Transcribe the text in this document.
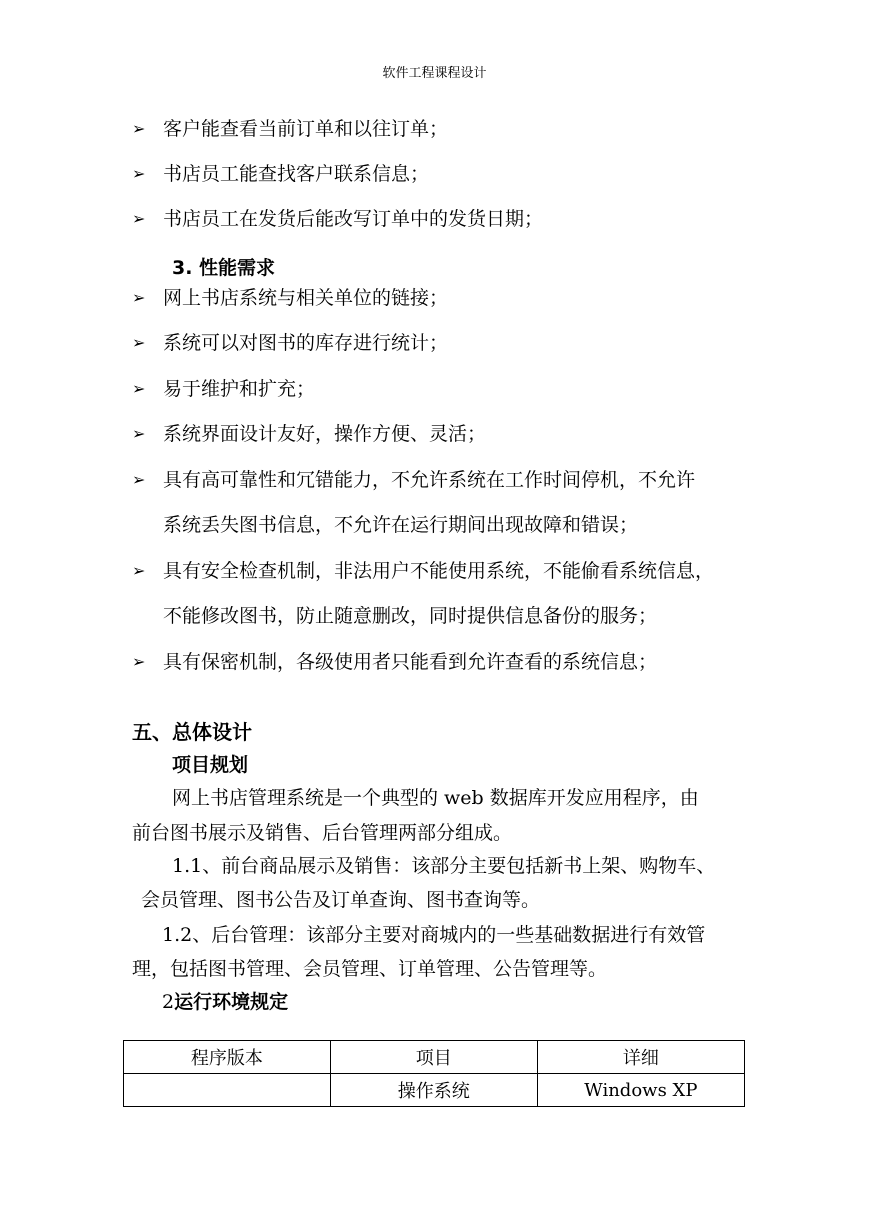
软件工程课程设计
➢ 客户能查看当前订单和以往订单；
➢ 书店员工能查找客户联系信息；
➢ 书店员工在发货后能改写订单中的发货日期；
3. 性能需求
➢ 网上书店系统与相关单位的链接；
➢ 系统可以对图书的库存进行统计；
➢ 易于维护和扩充；
➢ 系统界面设计友好，操作方便、灵活；
➢ 具有高可靠性和冗错能力，不允许系统在工作时间停机，不允许
系统丢失图书信息，不允许在运行期间出现故障和错误；
➢ 具有安全检查机制，非法用户不能使用系统，不能偷看系统信息，
不能修改图书，防止随意删改，同时提供信息备份的服务；
➢ 具有保密机制，各级使用者只能看到允许查看的系统信息；
五、总体设计
项目规划
网上书店管理系统是一个典型的 web 数据库开发应用程序，由
前台图书展示及销售、后台管理两部分组成。
1.1、前台商品展示及销售：该部分主要包括新书上架、购物车、
会员管理、图书公告及订单查询、图书查询等。
1.2、后台管理：该部分主要对商城内的一些基础数据进行有效管
理，包括图书管理、会员管理、订单管理、公告管理等。
2运行环境规定
程序版本	项目	详细
	操作系统	Windows XP
